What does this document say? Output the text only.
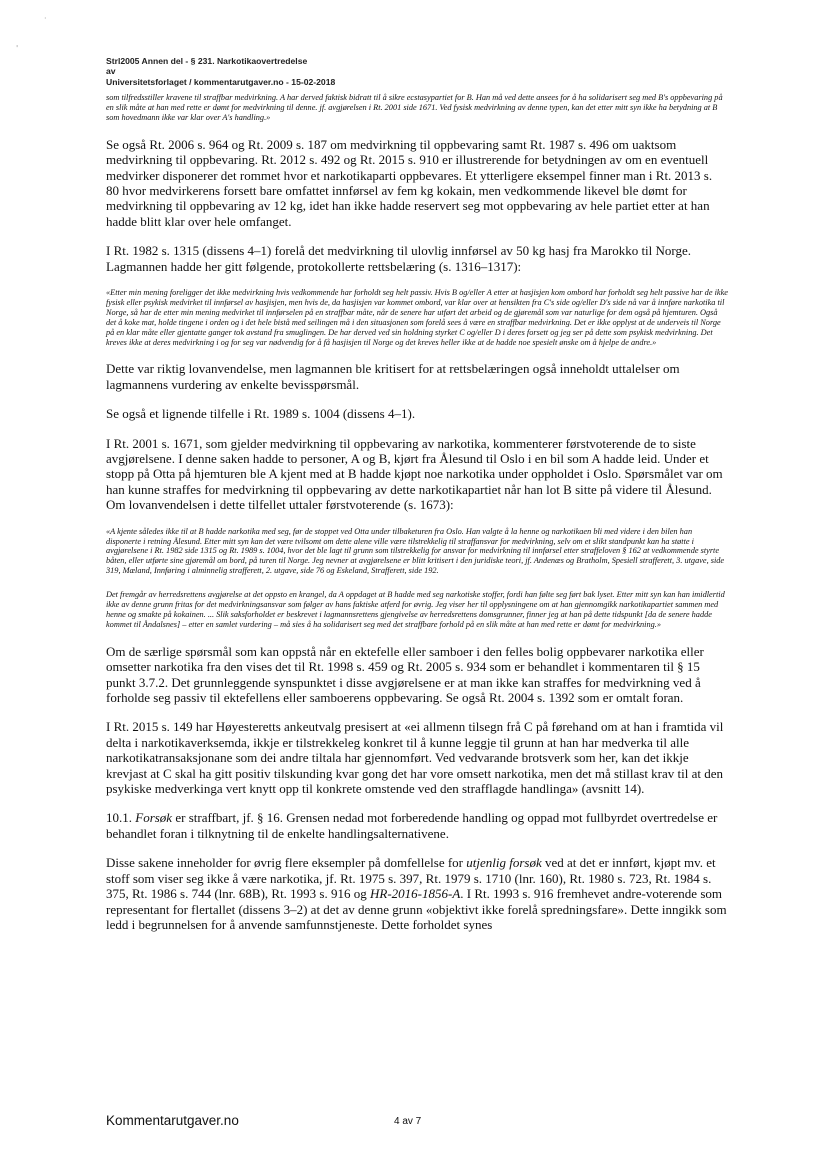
·
'
Strl2005 Annen del - § 231. Narkotikaovertredelse
av
Universitetsforlaget / kommentarutgaver.no - 15-02-2018

som tilfredsstiller kravene til straffbar medvirkning. A har derved faktisk bidratt til å sikre ecstasypartiet for B. Han må ved dette ansees for å ha solidarisert seg med B's oppbevaring på en slik måte at han med rette er dømt for medvirkning til denne. jf. avgjørelsen i Rt. 2001 side 1671. Ved fysisk medvirkning av denne typen, kan det etter mitt syn ikke ha betydning at B som hovedmann ikke var klar over A's handling.»

Se også Rt. 2006 s. 964 og Rt. 2009 s. 187 om medvirkning til oppbevaring samt Rt. 1987 s. 496 om uaktsom medvirkning til oppbevaring. Rt. 2012 s. 492 og Rt. 2015 s. 910 er illustrerende for betydningen av om en eventuell medvirker disponerer det rommet hvor et narkotikaparti oppbevares. Et ytterligere eksempel finner man i Rt. 2013 s. 80 hvor medvirkerens forsett bare omfattet innførsel av fem kg kokain, men vedkommende likevel ble dømt for medvirkning til oppbevaring av 12 kg, idet han ikke hadde reservert seg mot oppbevaring av hele partiet etter at han hadde blitt klar over hele omfanget.

I Rt. 1982 s. 1315 (dissens 4–1) forelå det medvirkning til ulovlig innførsel av 50 kg hasj fra Marokko til Norge. Lagmannen hadde her gitt følgende, protokollerte rettsbelæring (s. 1316–1317):

«Etter min mening foreligger det ikke medvirkning hvis vedkommende har forholdt seg helt passiv. Hvis B og/eller A etter at hasjisjen kom ombord har forholdt seg helt passive har de ikke fysisk eller psykisk medvirket til innførsel av hasjisjen, men hvis de, da hasjisjen var kommet ombord, var klar over at hensikten fra C's side og/eller D's side nå var å innføre narkotika til Norge, så har de etter min mening medvirket til innførselen på en straffbar måte, når de senere har utført det arbeid og de gjøremål som var naturlige for dem også på hjemturen. Også det å koke mat, holde tingene i orden og i det hele bistå med seilingen må i den situasjonen som forelå sees å være en straffbar medvirkning. Det er ikke opplyst at de underveis til Norge på en klar måte eller gjentatte ganger tok avstand fra smuglingen. De har derved ved sin holdning styrket C og/eller D i deres forsett og jeg ser på dette som psykisk medvirkning. Det kreves ikke at deres medvirkning i og for seg var nødvendig for å få hasjisjen til Norge og det kreves heller ikke at de hadde noe spesielt ønske om å hjelpe de andre.»

Dette var riktig lovanvendelse, men lagmannen ble kritisert for at rettsbelæringen også inneholdt uttalelser om lagmannens vurdering av enkelte bevisspørsmål.

Se også et lignende tilfelle i Rt. 1989 s. 1004 (dissens 4–1).

I Rt. 2001 s. 1671, som gjelder medvirkning til oppbevaring av narkotika, kommenterer førstvoterende de to siste avgjørelsene. I denne saken hadde to personer, A og B, kjørt fra Ålesund til Oslo i en bil som A hadde leid. Under et stopp på Otta på hjemturen ble A kjent med at B hadde kjøpt noe narkotika under oppholdet i Oslo. Spørsmålet var om han kunne straffes for medvirkning til oppbevaring av dette narkotikapartiet når han lot B sitte på videre til Ålesund. Om lovanvendelsen i dette tilfellet uttaler førstvoterende (s. 1673):

«A kjente således ikke til at B hadde narkotika med seg, før de stoppet ved Otta under tilbaketuren fra Oslo. Han valgte å la henne og narkotikaen bli med videre i den bilen han disponerte i retning Ålesund. Etter mitt syn kan det være tvilsomt om dette alene ville være tilstrekkelig til straffansvar for medvirkning, selv om et slikt standpunkt kan ha støtte i avgjørelsene i Rt. 1982 side 1315 og Rt. 1989 s. 1004, hvor det ble lagt til grunn som tilstrekkelig for ansvar for medvirkning til innførsel etter straffeloven § 162 at vedkommende styrte båten, eller utførte sine gjøremål om bord, på turen til Norge. Jeg nevner at avgjørelsene er blitt kritisert i den juridiske teori, jf. Andenæs og Bratholm, Spesiell strafferett, 3. utgave, side 319, Mæland, Innføring i alminnelig strafferett, 2. utgave, side 76 og Eskeland, Strafferett, side 192.

Det fremgår av herredsrettens avgjørelse at det oppsto en krangel, da A oppdaget at B hadde med seg narkotiske stoffer, fordi han følte seg ført bak lyset. Etter mitt syn kan han imidlertid ikke av denne grunn fritas for det medvirkningsansvar som følger av hans faktiske atferd for øvrig. Jeg viser her til opplysningene om at han gjennomgikk narkotikapartiet sammen med henne og smakte på kokainen. ... Slik saksforholdet er beskrevet i lagmannsrettens gjengivelse av herredsrettens domsgrunner, finner jeg at han på dette tidspunkt [da de senere hadde kommet til Åndalsnes] – etter en samlet vurdering – må sies å ha solidarisert seg med det straffbare forhold på en slik måte at han med rette er dømt for medvirkning.»

Om de særlige spørsmål som kan oppstå når en ektefelle eller samboer i den felles bolig oppbevarer narkotika eller omsetter narkotika fra den vises det til Rt. 1998 s. 459 og Rt. 2005 s. 934 som er behandlet i kommentaren til § 15 punkt 3.7.2. Det grunnleggende synspunktet i disse avgjørelsene er at man ikke kan straffes for medvirkning ved å forholde seg passiv til ektefellens eller samboerens oppbevaring. Se også Rt. 2004 s. 1392 som er omtalt foran.

I Rt. 2015 s. 149 har Høyesteretts ankeutvalg presisert at «ei allmenn tilsegn frå C på førehand om at han i framtida vil delta i narkotikaverksemda, ikkje er tilstrekkeleg konkret til å kunne leggje til grunn at han har medverka til alle narkotikatransaksjonane som dei andre tiltala har gjennomført. Ved vedvarande brotsverk som her, kan det ikkje krevjast at C skal ha gitt positiv tilskunding kvar gong det har vore omsett narkotika, men det må stillast krav til at den psykiske medverkinga vert knytt opp til konkrete omstende ved den strafflagde handlinga» (avsnitt 14).

10.1. Forsøk er straffbart, jf. § 16. Grensen nedad mot forberedende handling og oppad mot fullbyrdet overtredelse er behandlet foran i tilknytning til de enkelte handlingsalternativene.

Disse sakene inneholder for øvrig flere eksempler på domfellelse for utjenlig forsøk ved at det er innført, kjøpt mv. et stoff som viser seg ikke å være narkotika, jf. Rt. 1975 s. 397, Rt. 1979 s. 1710 (lnr. 160), Rt. 1980 s. 723, Rt. 1984 s. 375, Rt. 1986 s. 744 (lnr. 68B), Rt. 1993 s. 916 og HR-2016-1856-A. I Rt. 1993 s. 916 fremhevet andre-voterende som representant for flertallet (dissens 3–2) at det av denne grunn «objektivt ikke forelå spredningsfare». Dette inngikk som ledd i begrunnelsen for å anvende samfunnstjeneste. Dette forholdet synes

Kommentarutgaver.no	4 av 7
